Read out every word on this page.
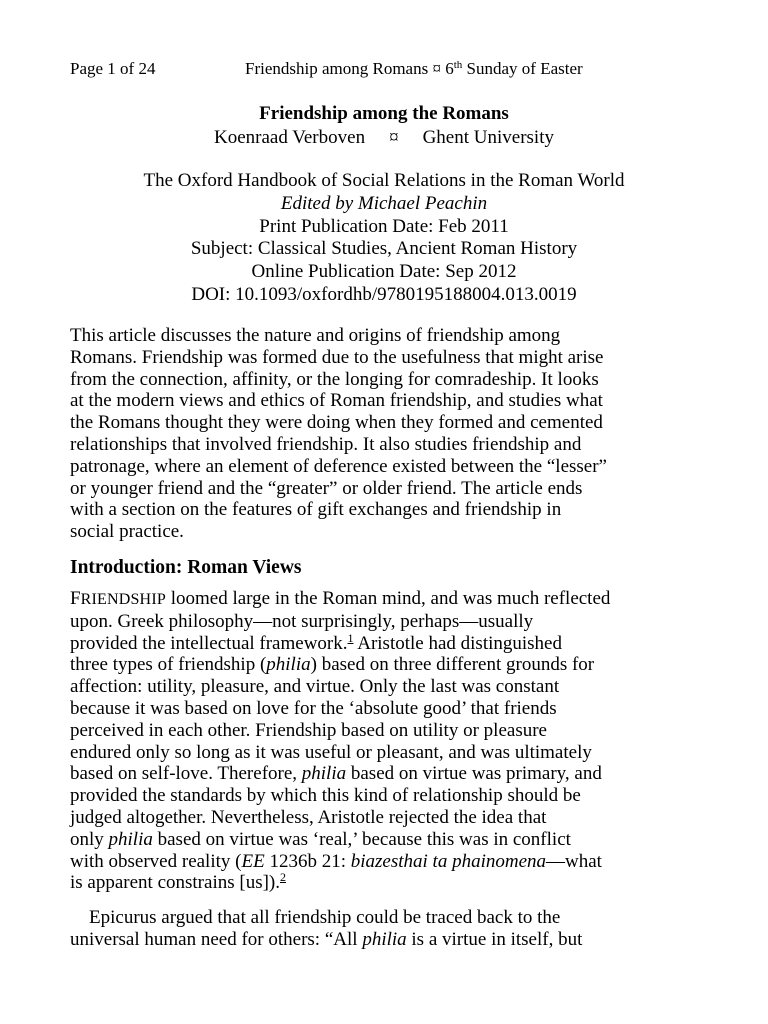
Page 1 of 24	Friendship among Romans ¤ 6th Sunday of Easter
Friendship among the Romans
Koenraad Verboven ¤ Ghent University
The Oxford Handbook of Social Relations in the Roman World
Edited by Michael Peachin
Print Publication Date: Feb 2011
Subject: Classical Studies, Ancient Roman History
Online Publication Date: Sep 2012
DOI: 10.1093/oxfordhb/9780195188004.013.0019
This article discusses the nature and origins of friendship among
Romans. Friendship was formed due to the usefulness that might arise
from the connection, affinity, or the longing for comradeship. It looks
at the modern views and ethics of Roman friendship, and studies what
the Romans thought they were doing when they formed and cemented
relationships that involved friendship. It also studies friendship and
patronage, where an element of deference existed between the “lesser”
or younger friend and the “greater” or older friend. The article ends
with a section on the features of gift exchanges and friendship in
social practice.
Introduction: Roman Views
FRIENDSHIP loomed large in the Roman mind, and was much reflected
upon. Greek philosophy—not surprisingly, perhaps—usually
provided the intellectual framework.$^1$ Aristotle had distinguished
three types of friendship (philia) based on three different grounds for
affection: utility, pleasure, and virtue. Only the last was constant
because it was based on love for the ‘absolute good’ that friends
perceived in each other. Friendship based on utility or pleasure
endured only so long as it was useful or pleasant, and was ultimately
based on self-love. Therefore, philia based on virtue was primary, and
provided the standards by which this kind of relationship should be
judged altogether. Nevertheless, Aristotle rejected the idea that
only philia based on virtue was ‘real,’ because this was in conflict
with observed reality (EE 1236b 21: biazesthai ta phainomena—what
is apparent constrains [us]).$^2$
Epicurus argued that all friendship could be traced back to the
universal human need for others: “All philia is a virtue in itself, but
